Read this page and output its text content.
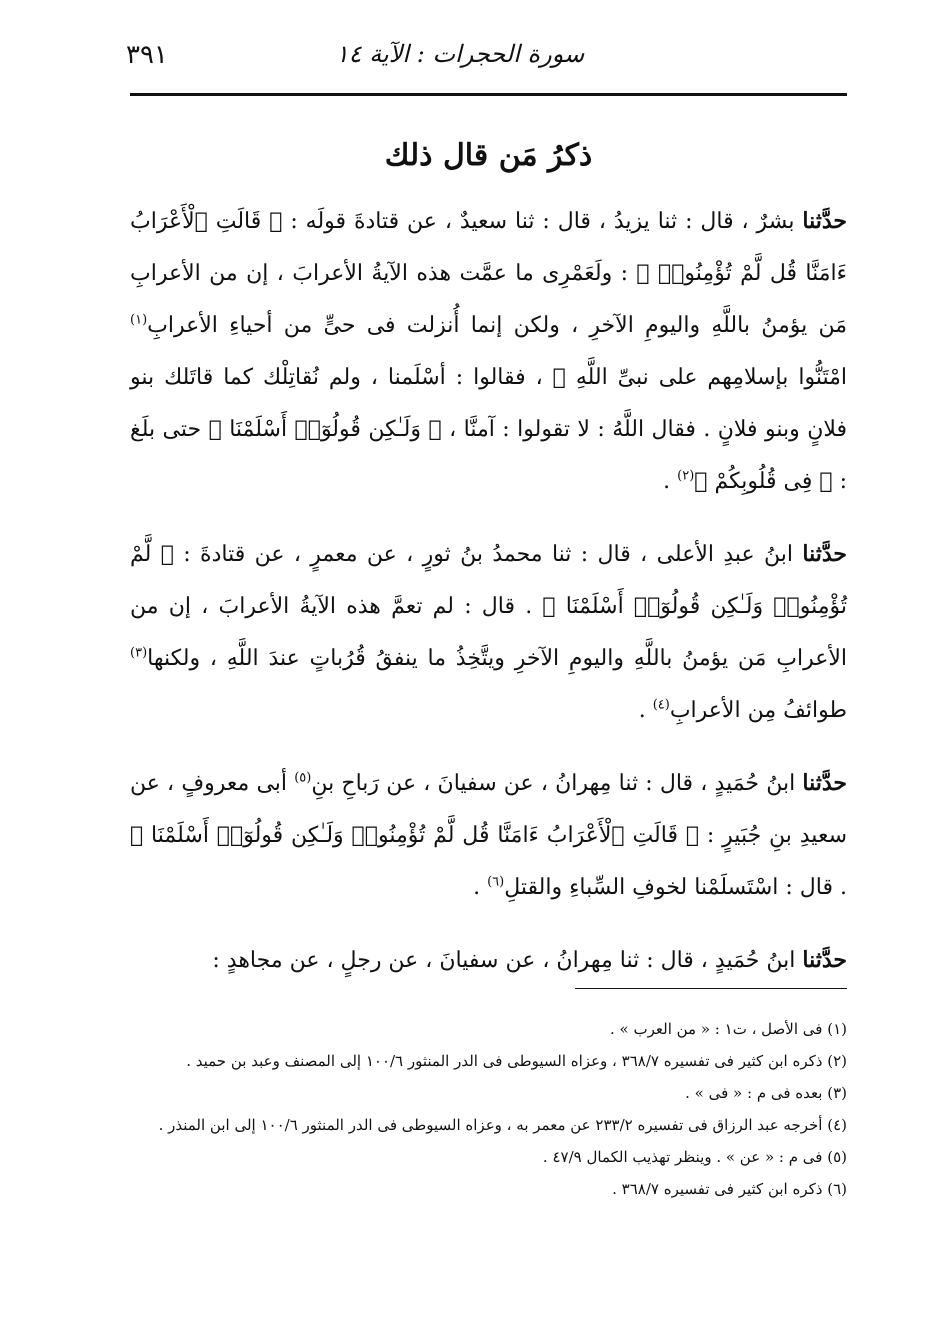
٣٩١	سورة الحجرات : الآية ١٤
ذكرُ مَن قال ذلك

حدَّثنا بشرٌ ، قال : ثنا يزيدُ ، قال : ثنا سعيدٌ ، عن قتادةَ قولَه : ﴿ قَالَتِ ٱلْأَعْرَابُ ءَامَنَّا قُل لَّمْ تُؤْمِنُوا۟ ﴾ : ولَعَمْرِى ما عمَّت هذه الآيةُ الأعرابَ ، إن من الأعرابِ مَن يؤمنُ باللَّهِ واليومِ الآخرِ ، ولكن إنما أُنزلت فى حىٍّ من أحياءِ الأعرابِ$^{(١)}$ امْتَنُّوا بإسلامِهم على نبىِّ اللَّهِ ﷺ ، فقالوا : أسْلَمنا ، ولم نُقاتِلْك كما قاتَلك بنو فلانٍ وبنو فلانٍ . فقال اللَّهُ : لا تقولوا : آمنَّا ، ﴿ وَلَـٰكِن قُولُوٓا۟ أَسْلَمْنَا ﴾ حتى بلَغ : ﴿ فِى قُلُوبِكُمْ ﴾$^{(٢)}$ .

حدَّثنا ابنُ عبدِ الأعلى ، قال : ثنا محمدُ بنُ ثورٍ ، عن معمرٍ ، عن قتادةَ : ﴿ لَّمْ تُؤْمِنُوا۟ وَلَـٰكِن قُولُوٓا۟ أَسْلَمْنَا ﴾ . قال : لم تعمَّ هذه الآيةُ الأعرابَ ، إن من الأعرابِ مَن يؤمنُ باللَّهِ واليومِ الآخرِ ويتَّخِذُ ما ينفقُ قُرُباتٍ عندَ اللَّهِ ، ولكنها$^{(٣)}$ طوائفُ مِن الأعرابِ$^{(٤)}$ .

حدَّثنا ابنُ حُمَيدٍ ، قال : ثنا مِهرانُ ، عن سفيانَ ، عن رَباحِ بنِ$^{(٥)}$ أبى معروفٍ ، عن سعيدِ بنِ جُبَيرٍ : ﴿ قَالَتِ ٱلْأَعْرَابُ ءَامَنَّا قُل لَّمْ تُؤْمِنُوا۟ وَلَـٰكِن قُولُوٓا۟ أَسْلَمْنَا ﴾ . قال : اسْتَسلَمْنا لخوفِ السِّباءِ والقتلِ$^{(٦)}$ .

حدَّثنا ابنُ حُمَيدٍ ، قال : ثنا مِهرانُ ، عن سفيانَ ، عن رجلٍ ، عن مجاهدٍ :

(١) فى الأصل ، ت١ : « من العرب » .
(٢) ذكره ابن كثير فى تفسيره ٣٦٨/٧ ، وعزاه السيوطى فى الدر المنثور ١٠٠/٦ إلى المصنف وعبد بن حميد .
(٣) بعده فى م : « فى » .
(٤) أخرجه عبد الرزاق فى تفسيره ٢٣٣/٢ عن معمر به ، وعزاه السيوطى فى الدر المنثور ١٠٠/٦ إلى ابن المنذر .
(٥) فى م : « عن » . وينظر تهذيب الكمال ٤٧/٩ .
(٦) ذكره ابن كثير فى تفسيره ٣٦٨/٧ .
